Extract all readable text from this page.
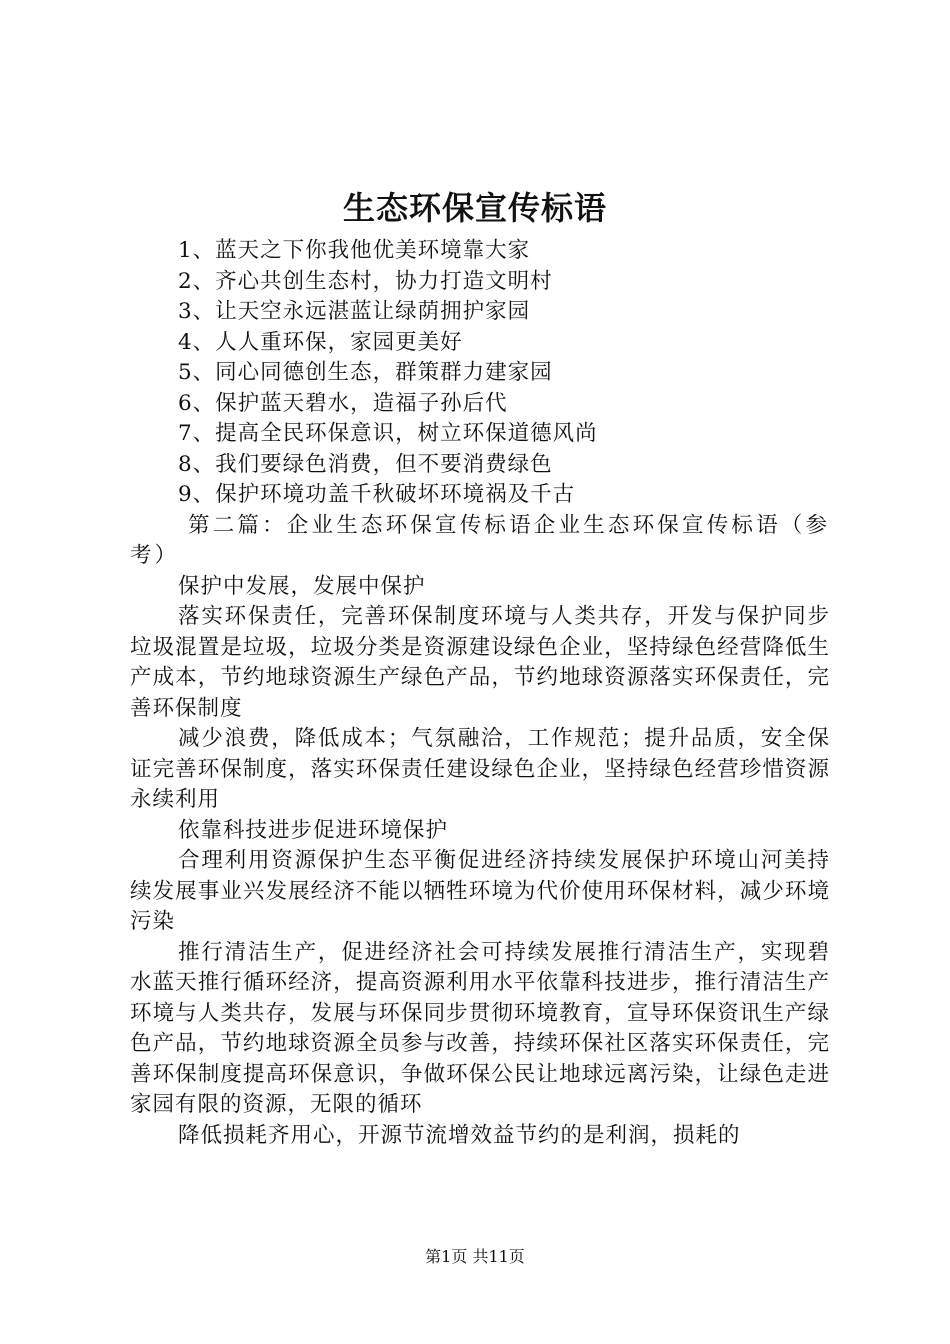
生态环保宣传标语
1、蓝天之下你我他优美环境靠大家
2、齐心共创生态村，协力打造文明村
3、让天空永远湛蓝让绿荫拥护家园
4、人人重环保，家园更美好
5、同心同德创生态，群策群力建家园
6、保护蓝天碧水，造福子孙后代
7、提高全民环保意识，树立环保道德风尚
8、我们要绿色消费，但不要消费绿色
9、保护环境功盖千秋破坏环境祸及千古
第二篇：企业生态环保宣传标语企业生态环保宣传标语（参考）
保护中发展，发展中保护
落实环保责任，完善环保制度环境与人类共存，开发与保护同步垃圾混置是垃圾，垃圾分类是资源建设绿色企业，坚持绿色经营降低生产成本，节约地球资源生产绿色产品，节约地球资源落实环保责任，完善环保制度
减少浪费，降低成本；气氛融洽，工作规范；提升品质，安全保证完善环保制度，落实环保责任建设绿色企业，坚持绿色经营珍惜资源永续利用
依靠科技进步促进环境保护
合理利用资源保护生态平衡促进经济持续发展保护环境山河美持续发展事业兴发展经济不能以牺牲环境为代价使用环保材料，减少环境污染
推行清洁生产，促进经济社会可持续发展推行清洁生产，实现碧水蓝天推行循环经济，提高资源利用水平依靠科技进步，推行清洁生产环境与人类共存，发展与环保同步贯彻环境教育，宣导环保资讯生产绿色产品，节约地球资源全员参与改善，持续环保社区落实环保责任，完善环保制度提高环保意识，争做环保公民让地球远离污染，让绿色走进家园有限的资源，无限的循环
降低损耗齐用心，开源节流增效益节约的是利润，损耗的
第1页 共11页
